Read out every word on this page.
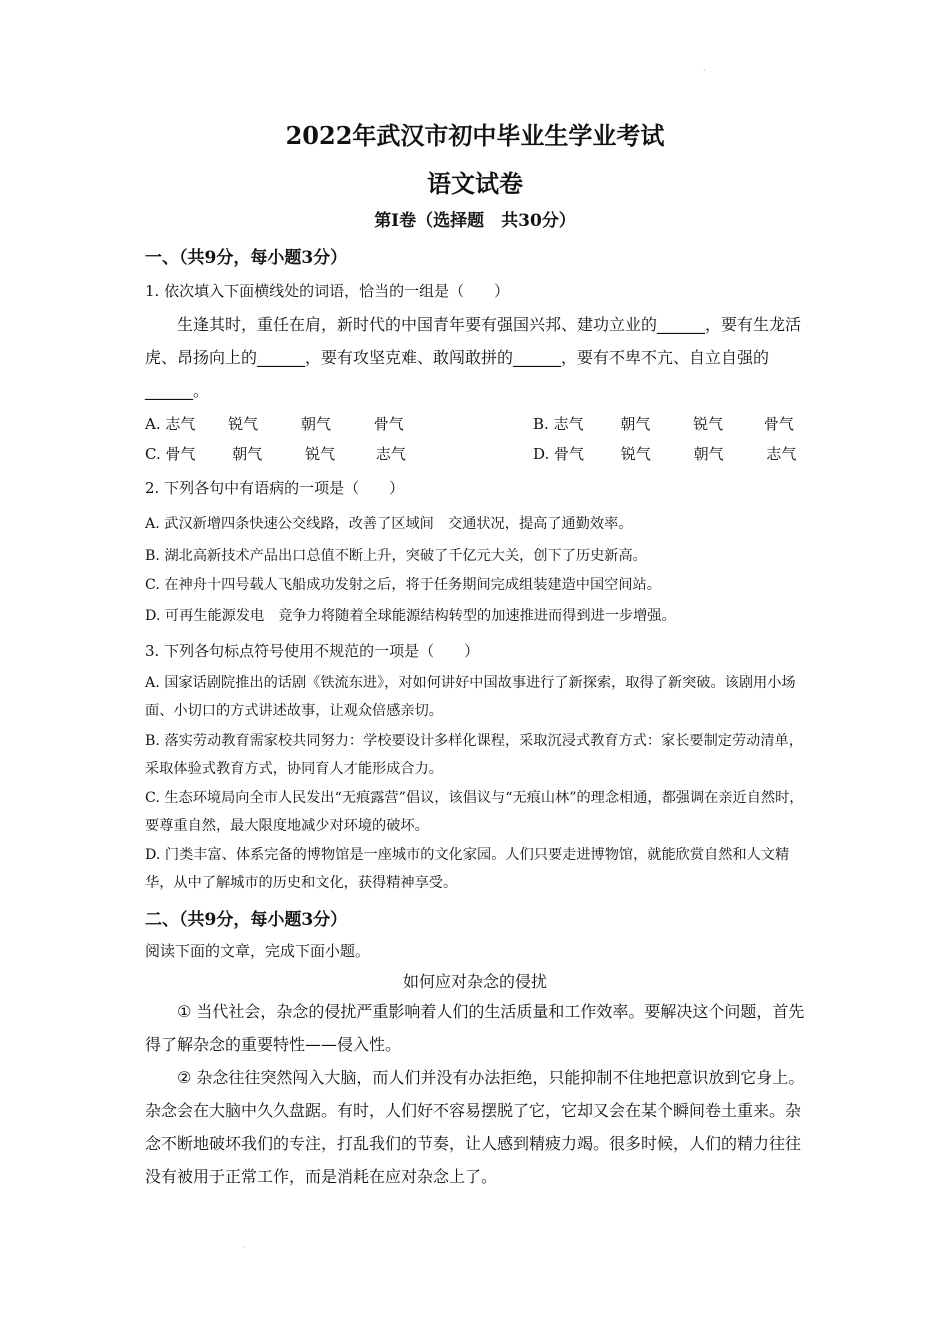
·
2022年武汉市初中毕业生学业考试
语文试卷
第Ⅰ卷（选择题　共30分）
一、（共9分，每小题3分）
1. 依次填入下面横线处的词语，恰当的一组是（　　）
生逢其时，重任在肩，新时代的中国青年要有强国兴邦、建功立业的______，要有生龙活虎、昂扬向上的______，要有攻坚克难、敢闯敢拼的______，要有不卑不亢、自立自强的______。
A. 志气 锐气	朝气	骨气	B. 志气 朝气	锐气	骨气
C. 骨气 朝气	锐气	志气	D. 骨气 锐气	朝气	志气
2. 下列各句中有语病的一项是（　　）
A. 武汉新增四条快速公交线路，改善了区域间　交通状况，提高了通勤效率。
B. 湖北高新技术产品出口总值不断上升，突破了千亿元大关，创下了历史新高。
C. 在神舟十四号载人飞船成功发射之后，将于任务期间完成组装建造中国空间站。
D. 可再生能源发电　竞争力将随着全球能源结构转型的加速推进而得到进一步增强。
3. 下列各句标点符号使用不规范的一项是（　　）
A. 国家话剧院推出的话剧《铁流东进》，对如何讲好中国故事进行了新探索，取得了新突破。该剧用小场面、小切口的方式讲述故事，让观众倍感亲切。
B. 落实劳动教育需家校共同努力：学校要设计多样化课程，采取沉浸式教育方式：家长要制定劳动清单，采取体验式教育方式，协同育人才能形成合力。
C. 生态环境局向全市人民发出“无痕露营”倡议，该倡议与“无痕山林”的理念相通，都强调在亲近自然时，要尊重自然，最大限度地减少对环境的破坏。
D. 门类丰富、体系完备的博物馆是一座城市的文化家园。人们只要走进博物馆，就能欣赏自然和人文精华，从中了解城市的历史和文化，获得精神享受。
二、（共9分，每小题3分）
阅读下面的文章，完成下面小题。
如何应对杂念的侵扰
① 当代社会，杂念的侵扰严重影响着人们的生活质量和工作效率。要解决这个问题，首先得了解杂念的重要特性——侵入性。
② 杂念往往突然闯入大脑，而人们并没有办法拒绝，只能抑制不住地把意识放到它身上。杂念会在大脑中久久盘踞。有时，人们好不容易摆脱了它，它却又会在某个瞬间卷土重来。杂念不断地破坏我们的专注，打乱我们的节奏，让人感到精疲力竭。很多时候，人们的精力往往没有被用于正常工作，而是消耗在应对杂念上了。
·
